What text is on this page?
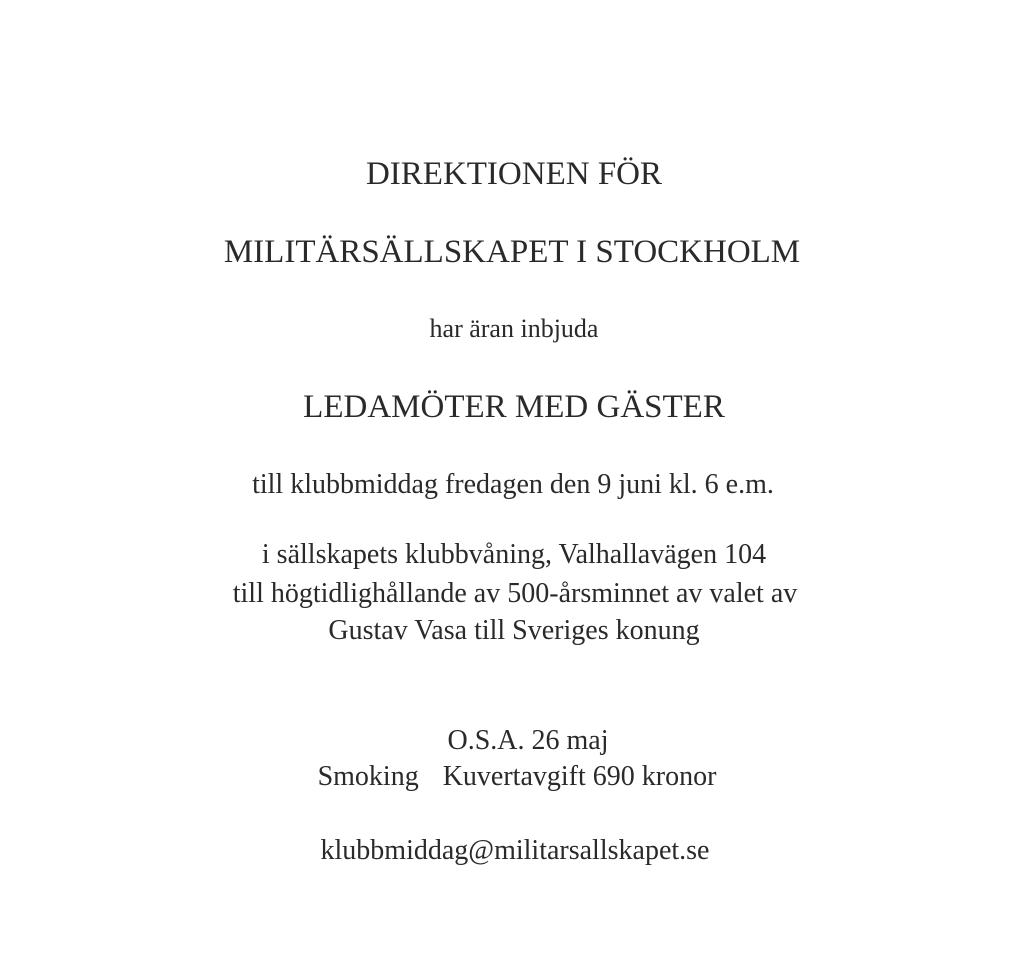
DIREKTIONEN FÖR
MILITÄRSÄLLSKAPET I STOCKHOLM
har äran inbjuda
LEDAMÖTER MED GÄSTER
till klubbmiddag fredagen den 9 juni kl. 6 e.m.
i sällskapets klubbvåning, Valhallavägen 104
till högtidlighållande av 500-årsminnet av valet av
Gustav Vasa till Sveriges konung
O.S.A. 26 maj
Smoking Kuvertavgift 690 kronor
klubbmiddag@militarsallskapet.se
